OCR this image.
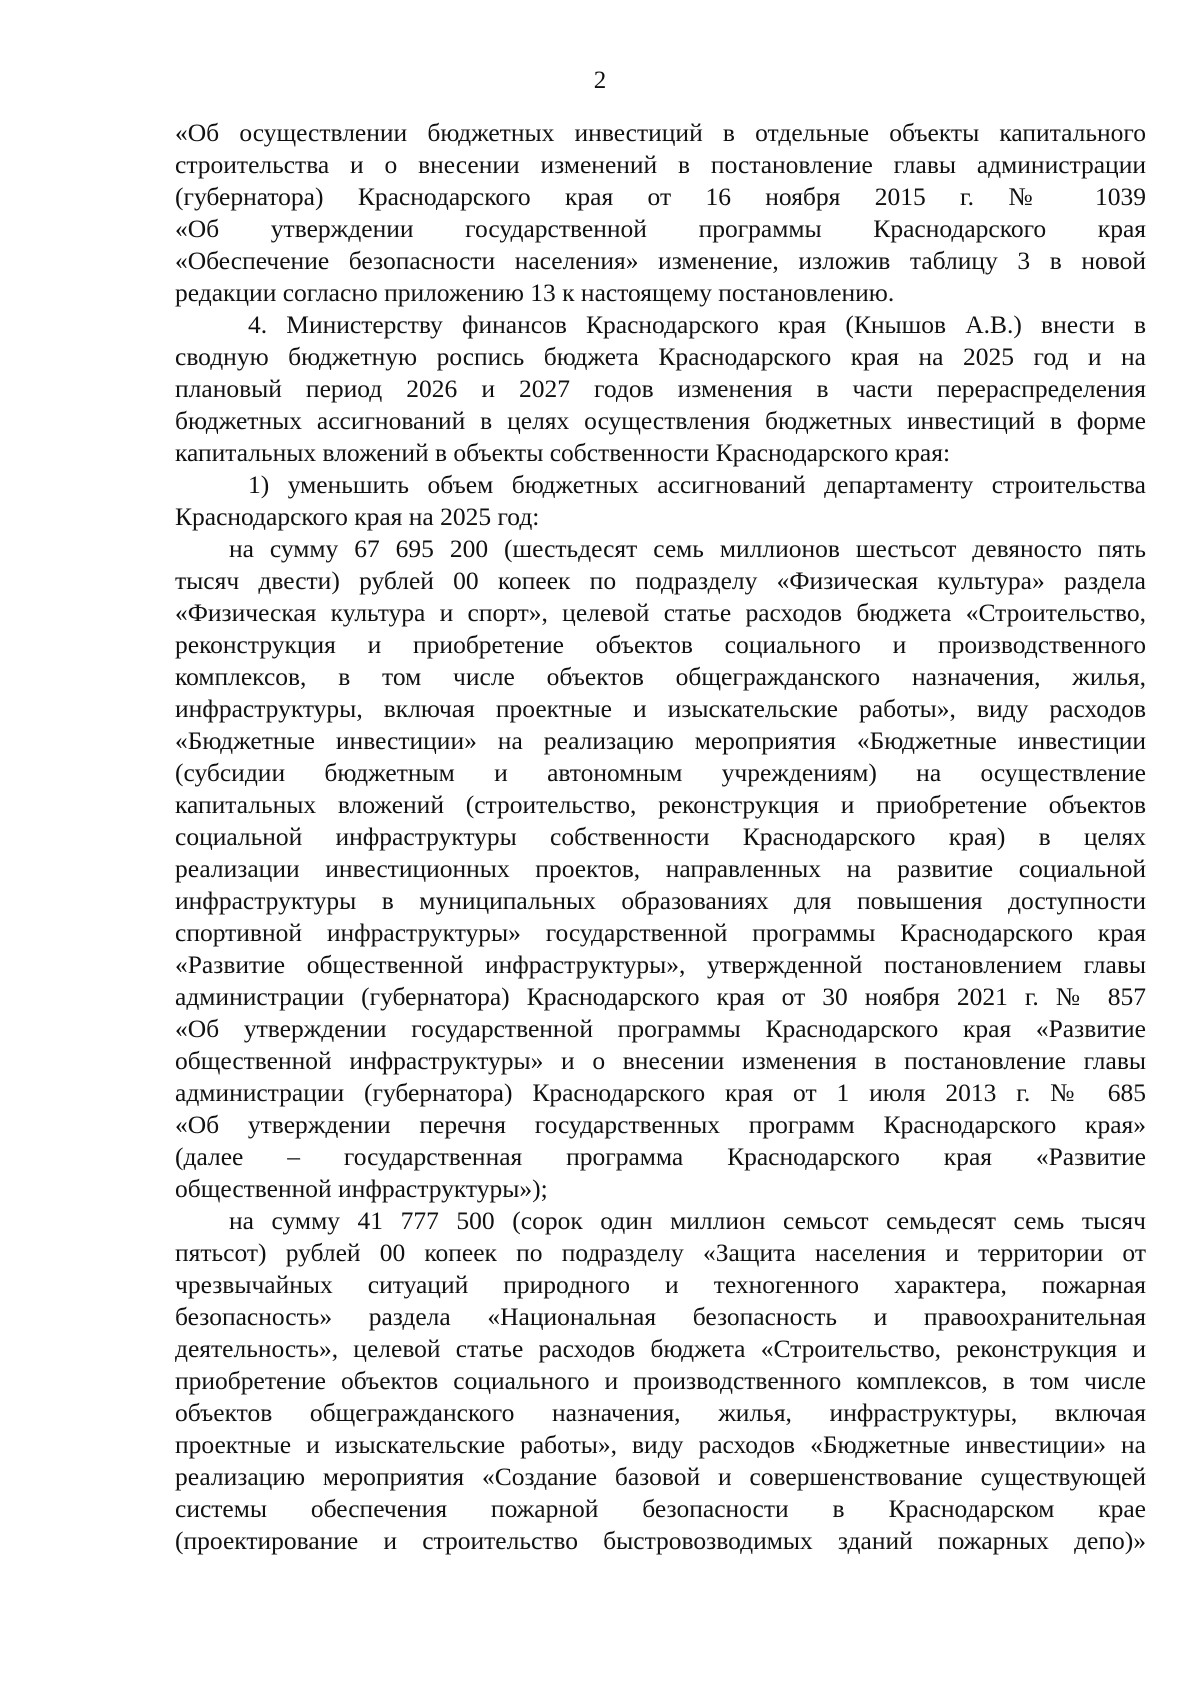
2
«Об осуществлении бюджетных инвестиций в отдельные объекты капитального
строительства и о внесении изменений в постановление главы администрации
(губернатора) Краснодарского края от 16 ноября 2015 г. № 1039
«Об утверждении государственной программы Краснодарского края
«Обеспечение безопасности населения» изменение, изложив таблицу 3 в новой
редакции согласно приложению 13 к настоящему постановлению.
4. Министерству финансов Краснодарского края (Кнышов А.В.) внести в
сводную бюджетную роспись бюджета Краснодарского края на 2025 год и на
плановый период 2026 и 2027 годов изменения в части перераспределения
бюджетных ассигнований в целях осуществления бюджетных инвестиций в форме
капитальных вложений в объекты собственности Краснодарского края:
1) уменьшить объем бюджетных ассигнований департаменту строительства
Краснодарского края на 2025 год:
на сумму 67 695 200 (шестьдесят семь миллионов шестьсот девяносто пять
тысяч двести) рублей 00 копеек по подразделу «Физическая культура» раздела
«Физическая культура и спорт», целевой статье расходов бюджета «Строительство,
реконструкция и приобретение объектов социального и производственного
комплексов, в том числе объектов общегражданского назначения, жилья,
инфраструктуры, включая проектные и изыскательские работы», виду расходов
«Бюджетные инвестиции» на реализацию мероприятия «Бюджетные инвестиции
(субсидии бюджетным и автономным учреждениям) на осуществление
капитальных вложений (строительство, реконструкция и приобретение объектов
социальной инфраструктуры собственности Краснодарского края) в целях
реализации инвестиционных проектов, направленных на развитие социальной
инфраструктуры в муниципальных образованиях для повышения доступности
спортивной инфраструктуры» государственной программы Краснодарского края
«Развитие общественной инфраструктуры», утвержденной постановлением главы
администрации (губернатора) Краснодарского края от 30 ноября 2021 г. № 857
«Об утверждении государственной программы Краснодарского края «Развитие
общественной инфраструктуры» и о внесении изменения в постановление главы
администрации (губернатора) Краснодарского края от 1 июля 2013 г. № 685
«Об утверждении перечня государственных программ Краснодарского края»
(далее – государственная программа Краснодарского края «Развитие
общественной инфраструктуры»);
на сумму 41 777 500 (сорок один миллион семьсот семьдесят семь тысяч
пятьсот) рублей 00 копеек по подразделу «Защита населения и территории от
чрезвычайных ситуаций природного и техногенного характера, пожарная
безопасность» раздела «Национальная безопасность и правоохранительная
деятельность», целевой статье расходов бюджета «Строительство, реконструкция и
приобретение объектов социального и производственного комплексов, в том числе
объектов общегражданского назначения, жилья, инфраструктуры, включая
проектные и изыскательские работы», виду расходов «Бюджетные инвестиции» на
реализацию мероприятия «Создание базовой и совершенствование существующей
системы обеспечения пожарной безопасности в Краснодарском крае
(проектирование и строительство быстровозводимых зданий пожарных депо)»
